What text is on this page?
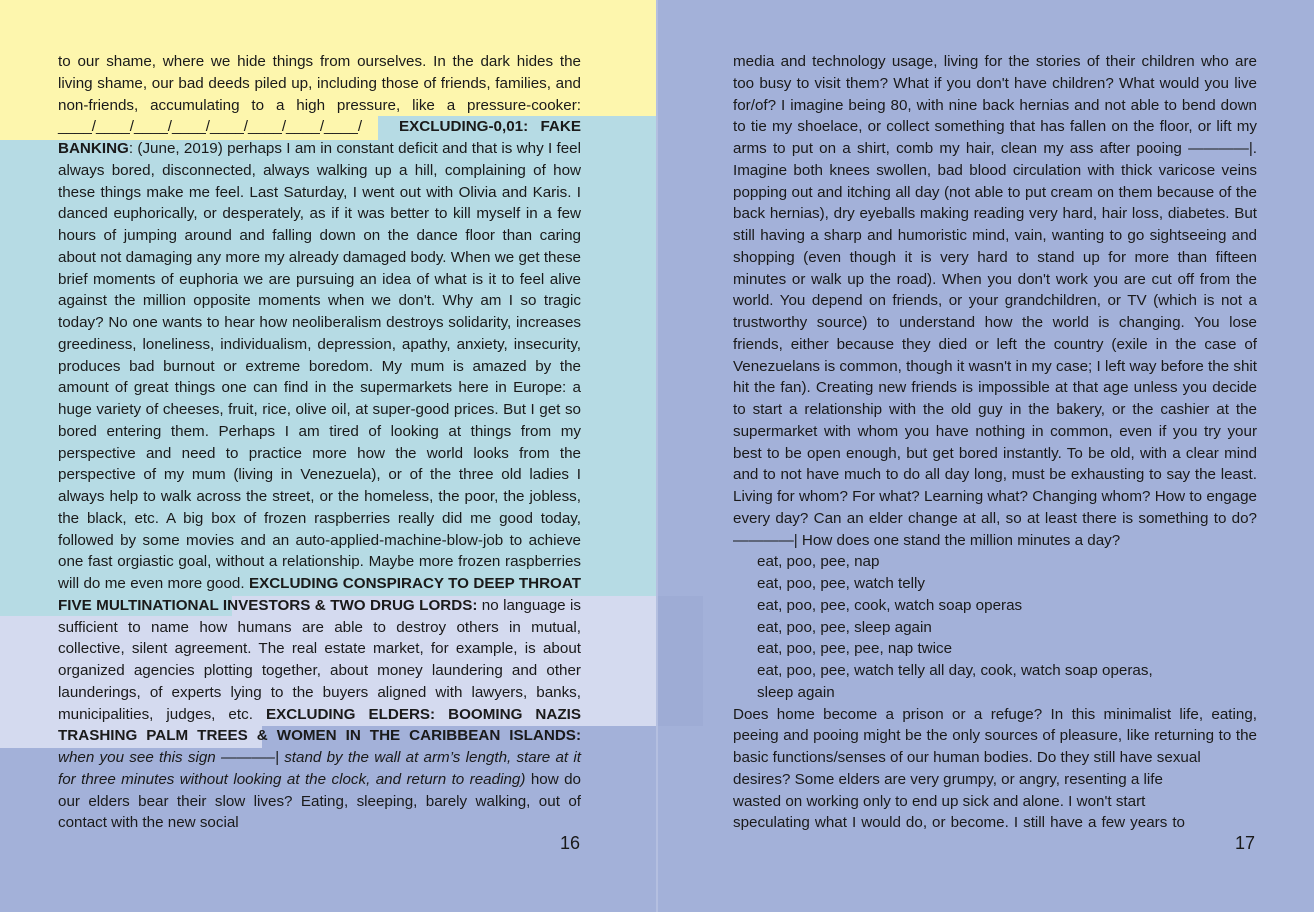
to our shame, where we hide things from ourselves. In the dark hides the living shame, our bad deeds piled up, including those of friends, families, and non-friends, accumulating to a high pressure, like a pressure-cooker: ____/____/____/____/____/____/____/____/ EXCLUDING-0,01: FAKE BANKING: (June, 2019) perhaps I am in constant deficit and that is why I feel always bored, disconnected, always walking up a hill, complaining of how these things make me feel. Last Saturday, I went out with Olivia and Karis. I danced euphorically, or desperately, as if it was better to kill myself in a few hours of jumping around and falling down on the dance floor than caring about not damaging any more my already damaged body. When we get these brief moments of euphoria we are pursuing an idea of what is it to feel alive against the million opposite moments when we don't. Why am I so tragic today? No one wants to hear how neoliberalism destroys solidarity, increases greediness, loneliness, individualism, depression, apathy, anxiety, insecurity, produces bad burnout or extreme boredom. My mum is amazed by the amount of great things one can find in the supermarkets here in Europe: a huge variety of cheeses, fruit, rice, olive oil, at super-good prices. But I get so bored entering them. Perhaps I am tired of looking at things from my perspective and need to practice more how the world looks from the perspective of my mum (living in Venezuela), or of the three old ladies I always help to walk across the street, or the homeless, the poor, the jobless, the black, etc. A big box of frozen raspberries really did me good today, followed by some movies and an auto-applied-machine-blow-job to achieve one fast orgiastic goal, without a relationship. Maybe more frozen raspberries will do me even more good. EXCLUDING CONSPIRACY TO DEEP THROAT FIVE MULTINATIONAL INVESTORS & TWO DRUG LORDS: no language is sufficient to name how humans are able to destroy others in mutual, collective, silent agreement. The real estate market, for example, is about organized agencies plotting together, about money laundering and other launderings, of experts lying to the buyers aligned with lawyers, banks, municipalities, judges, etc. EXCLUDING ELDERS: BOOMING NAZIS TRASHING PALM TREES & WOMEN IN THE CARIBBEAN ISLANDS: when you see this sign ———–| stand by the wall at arm’s length, stare at it for three minutes without looking at the clock, and return to reading) how do our elders bear their slow lives? Eating, sleeping, barely walking, out of contact with the new social

16

media and technology usage, living for the stories of their children who are too busy to visit them? What if you don't have children? What would you live for/of? I imagine being 80, with nine back hernias and not able to bend down to tie my shoelace, or collect something that has fallen on the floor, or lift my arms to put on a shirt, comb my hair, clean my ass after pooing ————|. Imagine both knees swollen, bad blood circulation with thick varicose veins popping out and itching all day (not able to put cream on them because of the back hernias), dry eyeballs making reading very hard, hair loss, diabetes. But still having a sharp and humoristic mind, vain, wanting to go sightseeing and shopping (even though it is very hard to stand up for more than fifteen minutes or walk up the road). When you don't work you are cut off from the world. You depend on friends, or your grandchildren, or TV (which is not a trustworthy source) to understand how the world is changing. You lose friends, either because they died or left the country (exile in the case of Venezuelans is common, though it wasn't in my case; I left way before the shit hit the fan). Creating new friends is impossible at that age unless you decide to start a relationship with the old guy in the bakery, or the cashier at the supermarket with whom you have nothing in common, even if you try your best to be open enough, but get bored instantly. To be old, with a clear mind and to not have much to do all day long, must be exhausting to say the least. Living for whom? For what? Learning what? Changing whom? How to engage every day? Can an elder change at all, so at least there is something to do? ————| How does one stand the million minutes a day?

eat, poo, pee, nap
eat, poo, pee, watch telly
eat, poo, pee, cook, watch soap operas
eat, poo, pee, sleep again
eat, poo, pee, pee, nap twice
eat, poo, pee, watch telly all day, cook, watch soap operas,
sleep again

Does home become a prison or a refuge? In this minimalist life, eating, peeing and pooing might be the only sources of pleasure, like returning to the basic functions/senses of our human bodies. Do they still have sexual

desires? Some elders are very grumpy, or angry, resenting a life
wasted on working only to end up sick and alone. I won't start
speculating what I would do, or become. I still have a few years to
17
